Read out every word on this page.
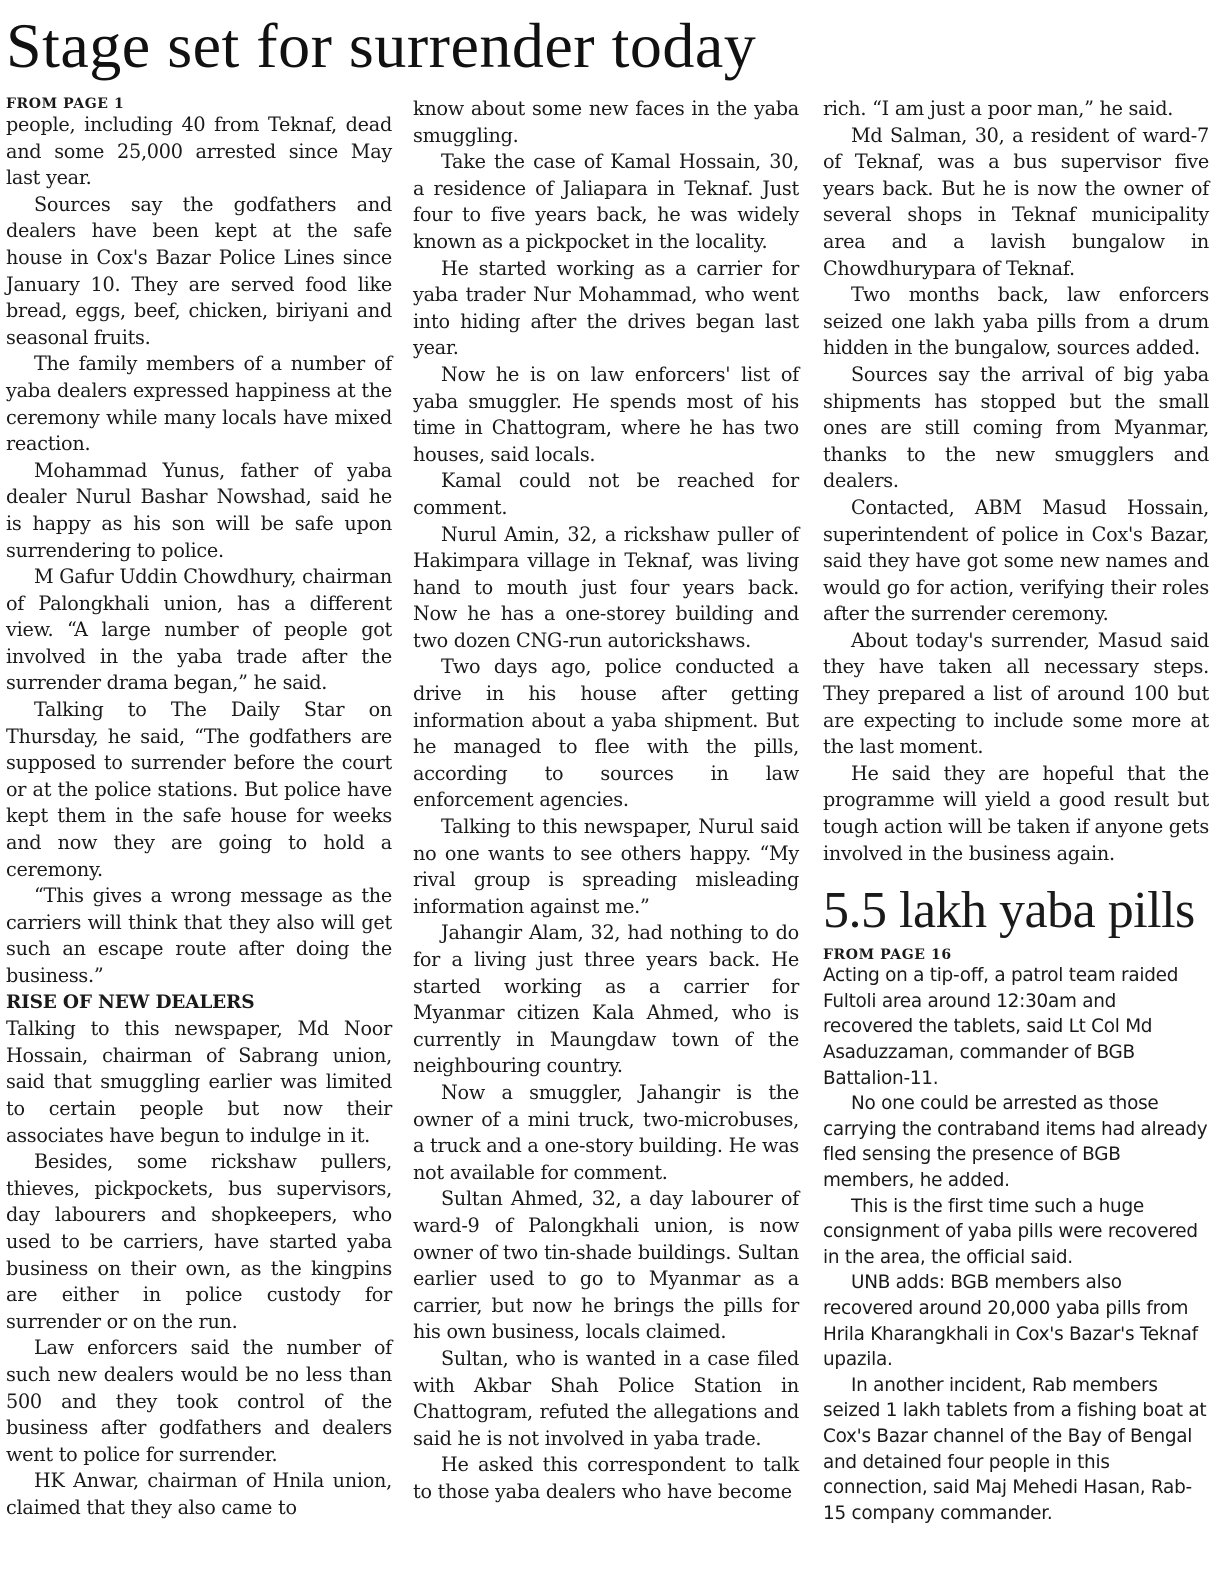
Stage set for surrender today

FROM PAGE 1

people, including 40 from Teknaf, dead and some 25,000 arrested since May last year.

Sources say the godfathers and dealers have been kept at the safe house in Cox's Bazar Police Lines since January 10. They are served food like bread, eggs, beef, chicken, biriyani and seasonal fruits.

The family members of a number of yaba dealers expressed happiness at the ceremony while many locals have mixed reaction.

Mohammad Yunus, father of yaba dealer Nurul Bashar Nowshad, said he is happy as his son will be safe upon surrendering to police.

M Gafur Uddin Chowdhury, chairman of Palongkhali union, has a different view. “A large number of people got involved in the yaba trade after the surrender drama began,” he said.

Talking to The Daily Star on Thursday, he said, “The godfathers are supposed to surrender before the court or at the police stations. But police have kept them in the safe house for weeks and now they are going to hold a ceremony.

“This gives a wrong message as the carriers will think that they also will get such an escape route after doing the business.”

RISE OF NEW DEALERS

Talking to this newspaper, Md Noor Hossain, chairman of Sabrang union, said that smuggling earlier was limited to certain people but now their associates have begun to indulge in it.

Besides, some rickshaw pullers, thieves, pickpockets, bus supervisors, day labourers and shopkeepers, who used to be carriers, have started yaba business on their own, as the kingpins are either in police custody for surrender or on the run.

Law enforcers said the number of such new dealers would be no less than 500 and they took control of the business after godfathers and dealers went to police for surrender.

HK Anwar, chairman of Hnila union, claimed that they also came to

know about some new faces in the yaba smuggling.

Take the case of Kamal Hossain, 30, a residence of Jaliapara in Teknaf. Just four to five years back, he was widely known as a pickpocket in the locality.

He started working as a carrier for yaba trader Nur Mohammad, who went into hiding after the drives began last year.

Now he is on law enforcers' list of yaba smuggler. He spends most of his time in Chattogram, where he has two houses, said locals.

Kamal could not be reached for comment.

Nurul Amin, 32, a rickshaw puller of Hakimpara village in Teknaf, was living hand to mouth just four years back. Now he has a one-storey building and two dozen CNG-run autorickshaws.

Two days ago, police conducted a drive in his house after getting information about a yaba shipment. But he managed to flee with the pills, according to sources in law enforcement agencies.

Talking to this newspaper, Nurul said no one wants to see others happy. “My rival group is spreading misleading information against me.”

Jahangir Alam, 32, had nothing to do for a living just three years back. He started working as a carrier for Myanmar citizen Kala Ahmed, who is currently in Maungdaw town of the neighbouring country.

Now a smuggler, Jahangir is the owner of a mini truck, two-microbuses, a truck and a one-story building. He was not available for comment.

Sultan Ahmed, 32, a day labourer of ward-9 of Palongkhali union, is now owner of two tin-shade buildings. Sultan earlier used to go to Myanmar as a carrier, but now he brings the pills for his own business, locals claimed.

Sultan, who is wanted in a case filed with Akbar Shah Police Station in Chattogram, refuted the allegations and said he is not involved in yaba trade.

He asked this correspondent to talk to those yaba dealers who have become

rich. “I am just a poor man,” he said.

Md Salman, 30, a resident of ward-7 of Teknaf, was a bus supervisor five years back. But he is now the owner of several shops in Teknaf municipality area and a lavish bungalow in Chowdhurypara of Teknaf.

Two months back, law enforcers seized one lakh yaba pills from a drum hidden in the bungalow, sources added.

Sources say the arrival of big yaba shipments has stopped but the small ones are still coming from Myanmar, thanks to the new smugglers and dealers.

Contacted, ABM Masud Hossain, superintendent of police in Cox's Bazar, said they have got some new names and would go for action, verifying their roles after the surrender ceremony.

About today's surrender, Masud said they have taken all necessary steps. They prepared a list of around 100 but are expecting to include some more at the last moment.

He said they are hopeful that the programme will yield a good result but tough action will be taken if anyone gets involved in the business again.

5.5 lakh yaba pills

FROM PAGE 16

Acting on a tip-off, a patrol team raided Fultoli area around 12:30am and recovered the tablets, said Lt Col Md Asaduzzaman, commander of BGB Battalion-11.

No one could be arrested as those carrying the contraband items had already fled sensing the presence of BGB members, he added.

This is the first time such a huge consignment of yaba pills were recovered in the area, the official said.

UNB adds: BGB members also recovered around 20,000 yaba pills from Hrila Kharangkhali in Cox's Bazar's Teknaf upazila.

In another incident, Rab members seized 1 lakh tablets from a fishing boat at Cox's Bazar channel of the Bay of Bengal and detained four people in this connection, said Maj Mehedi Hasan, Rab-15 company commander.
